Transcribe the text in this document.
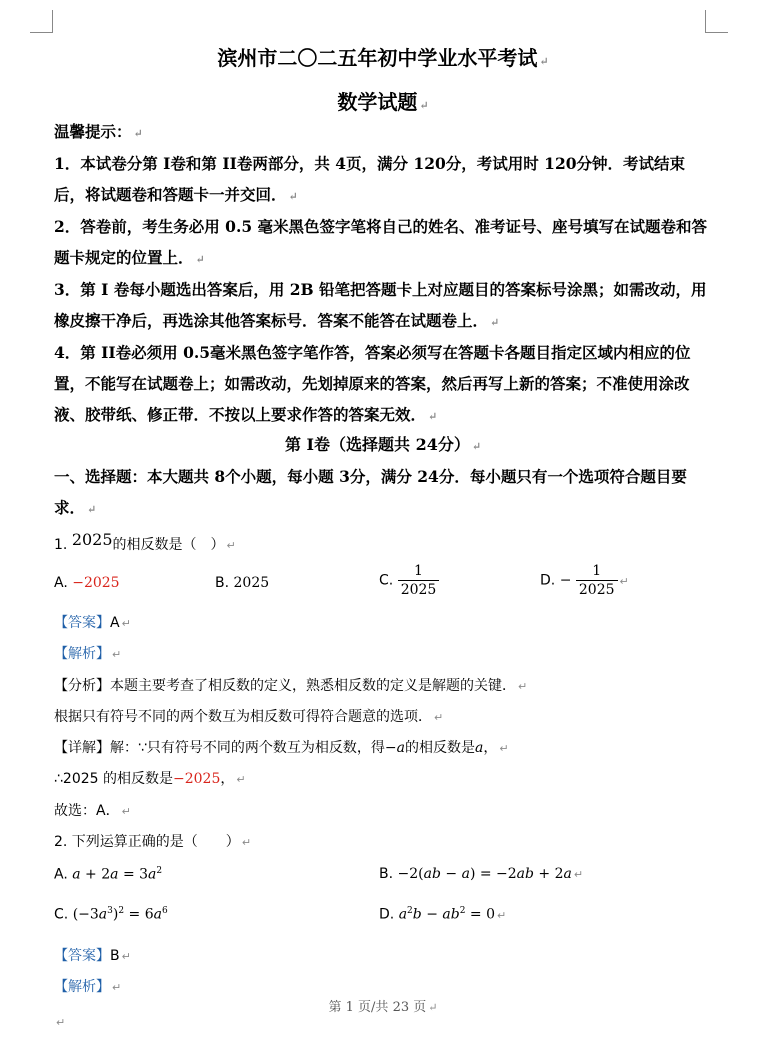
滨州市二〇二五年初中学业水平考试 ↵
数学试题 ↵
温馨提示： ↵
1．本试卷分第 I卷和第 II卷两部分，共 4页，满分 120分，考试用时 120分钟．考试结束后，将试题卷和答题卡一并交回． ↵
2．答卷前，考生务必用 0.5 毫米黑色签字笔将自己的姓名、准考证号、座号填写在试题卷和答题卡规定的位置上． ↵
3．第 I 卷每小题选出答案后，用 2B 铅笔把答题卡上对应题目的答案标号涂黑；如需改动，用橡皮擦干净后，再选涂其他答案标号．答案不能答在试题卷上． ↵
4．第 II卷必须用 0.5毫米黑色签字笔作答，答案必须写在答题卡各题目指定区域内相应的位置，不能写在试题卷上；如需改动，先划掉原来的答案，然后再写上新的答案；不准使用涂改液、胶带纸、修正带．不按以上要求作答的答案无效． ↵
第 I卷（选择题共 24分） ↵
一、选择题：本大题共 8个小题，每小题 3分，满分 24分．每小题只有一个选项符合题目要求． ↵
1. 2025的相反数是（　） ↵
A. −2025	B. 2025	C. $\frac{1}{2025}$	D. − $\frac{1}{2025}$ ↵
【答案】A ↵
【解析】 ↵
【分析】本题主要考查了相反数的定义，熟悉相反数的定义是解题的关键． ↵
根据只有符号不同的两个数互为相反数可得符合题意的选项． ↵
【详解】解：∵只有符号不同的两个数互为相反数，得−a的相反数是a， ↵
∴2025 的相反数是−2025， ↵
故选：A． ↵
2. 下列运算正确的是（　　） ↵
A. $a + 2a = 3a^2$	B. −2(ab − a) = −2ab + 2a ↵
C. $(-3a^3)^2 = 6a^6$	D. $a^2b - ab^2 = 0$ ↵
【答案】B ↵
【解析】 ↵
第 1 页/共 23 页 ↵
↵
